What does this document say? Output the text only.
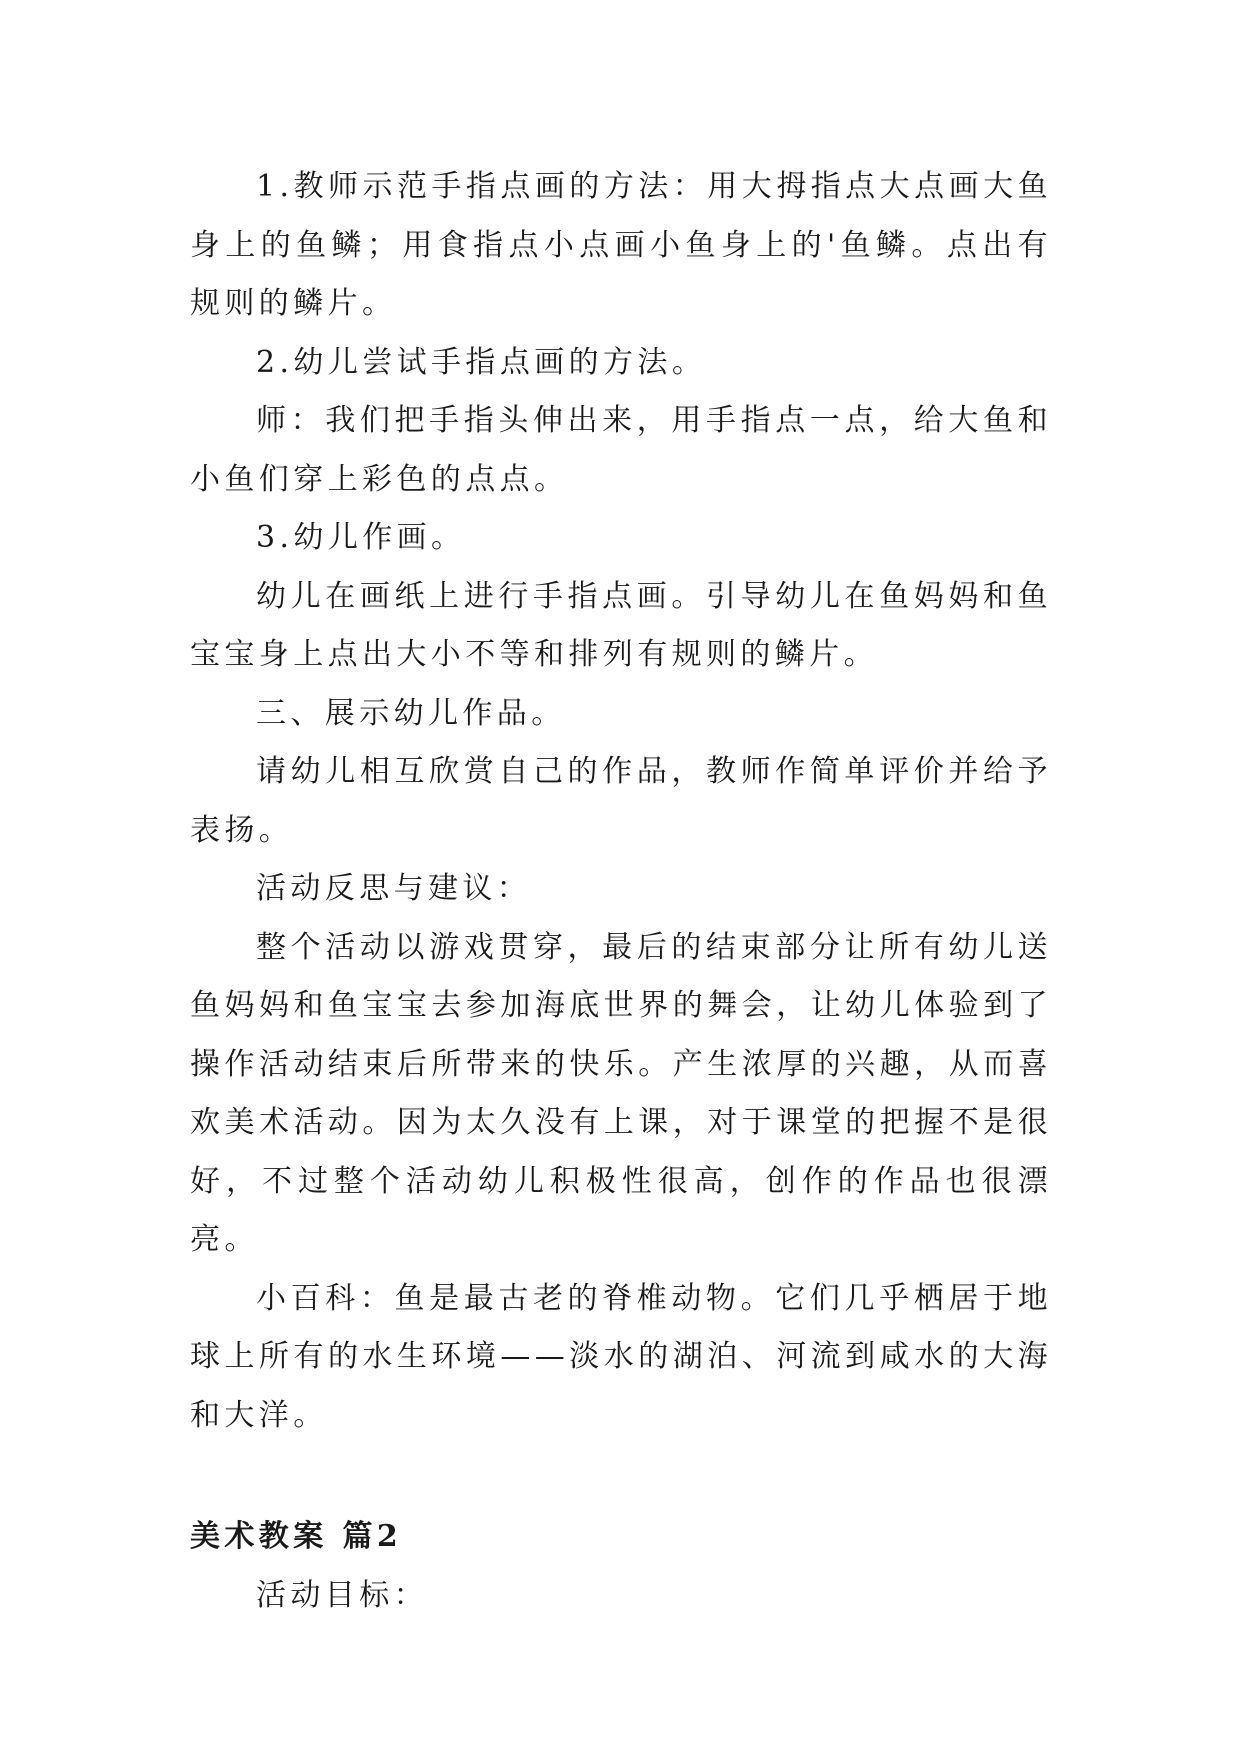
1.教师示范手指点画的方法：用大拇指点大点画大鱼身上的鱼鳞；用食指点小点画小鱼身上的'鱼鳞。点出有规则的鳞片。

2.幼儿尝试手指点画的方法。

师：我们把手指头伸出来，用手指点一点，给大鱼和小鱼们穿上彩色的点点。

3.幼儿作画。

幼儿在画纸上进行手指点画。引导幼儿在鱼妈妈和鱼宝宝身上点出大小不等和排列有规则的鳞片。

三、展示幼儿作品。

请幼儿相互欣赏自己的作品，教师作简单评价并给予表扬。

活动反思与建议：

整个活动以游戏贯穿，最后的结束部分让所有幼儿送鱼妈妈和鱼宝宝去参加海底世界的舞会，让幼儿体验到了操作活动结束后所带来的快乐。产生浓厚的兴趣，从而喜欢美术活动。因为太久没有上课，对于课堂的把握不是很好，不过整个活动幼儿积极性很高，创作的作品也很漂亮。

小百科：鱼是最古老的脊椎动物。它们几乎栖居于地球上所有的水生环境——淡水的湖泊、河流到咸水的大海和大洋。

美术教案 篇2

活动目标：
